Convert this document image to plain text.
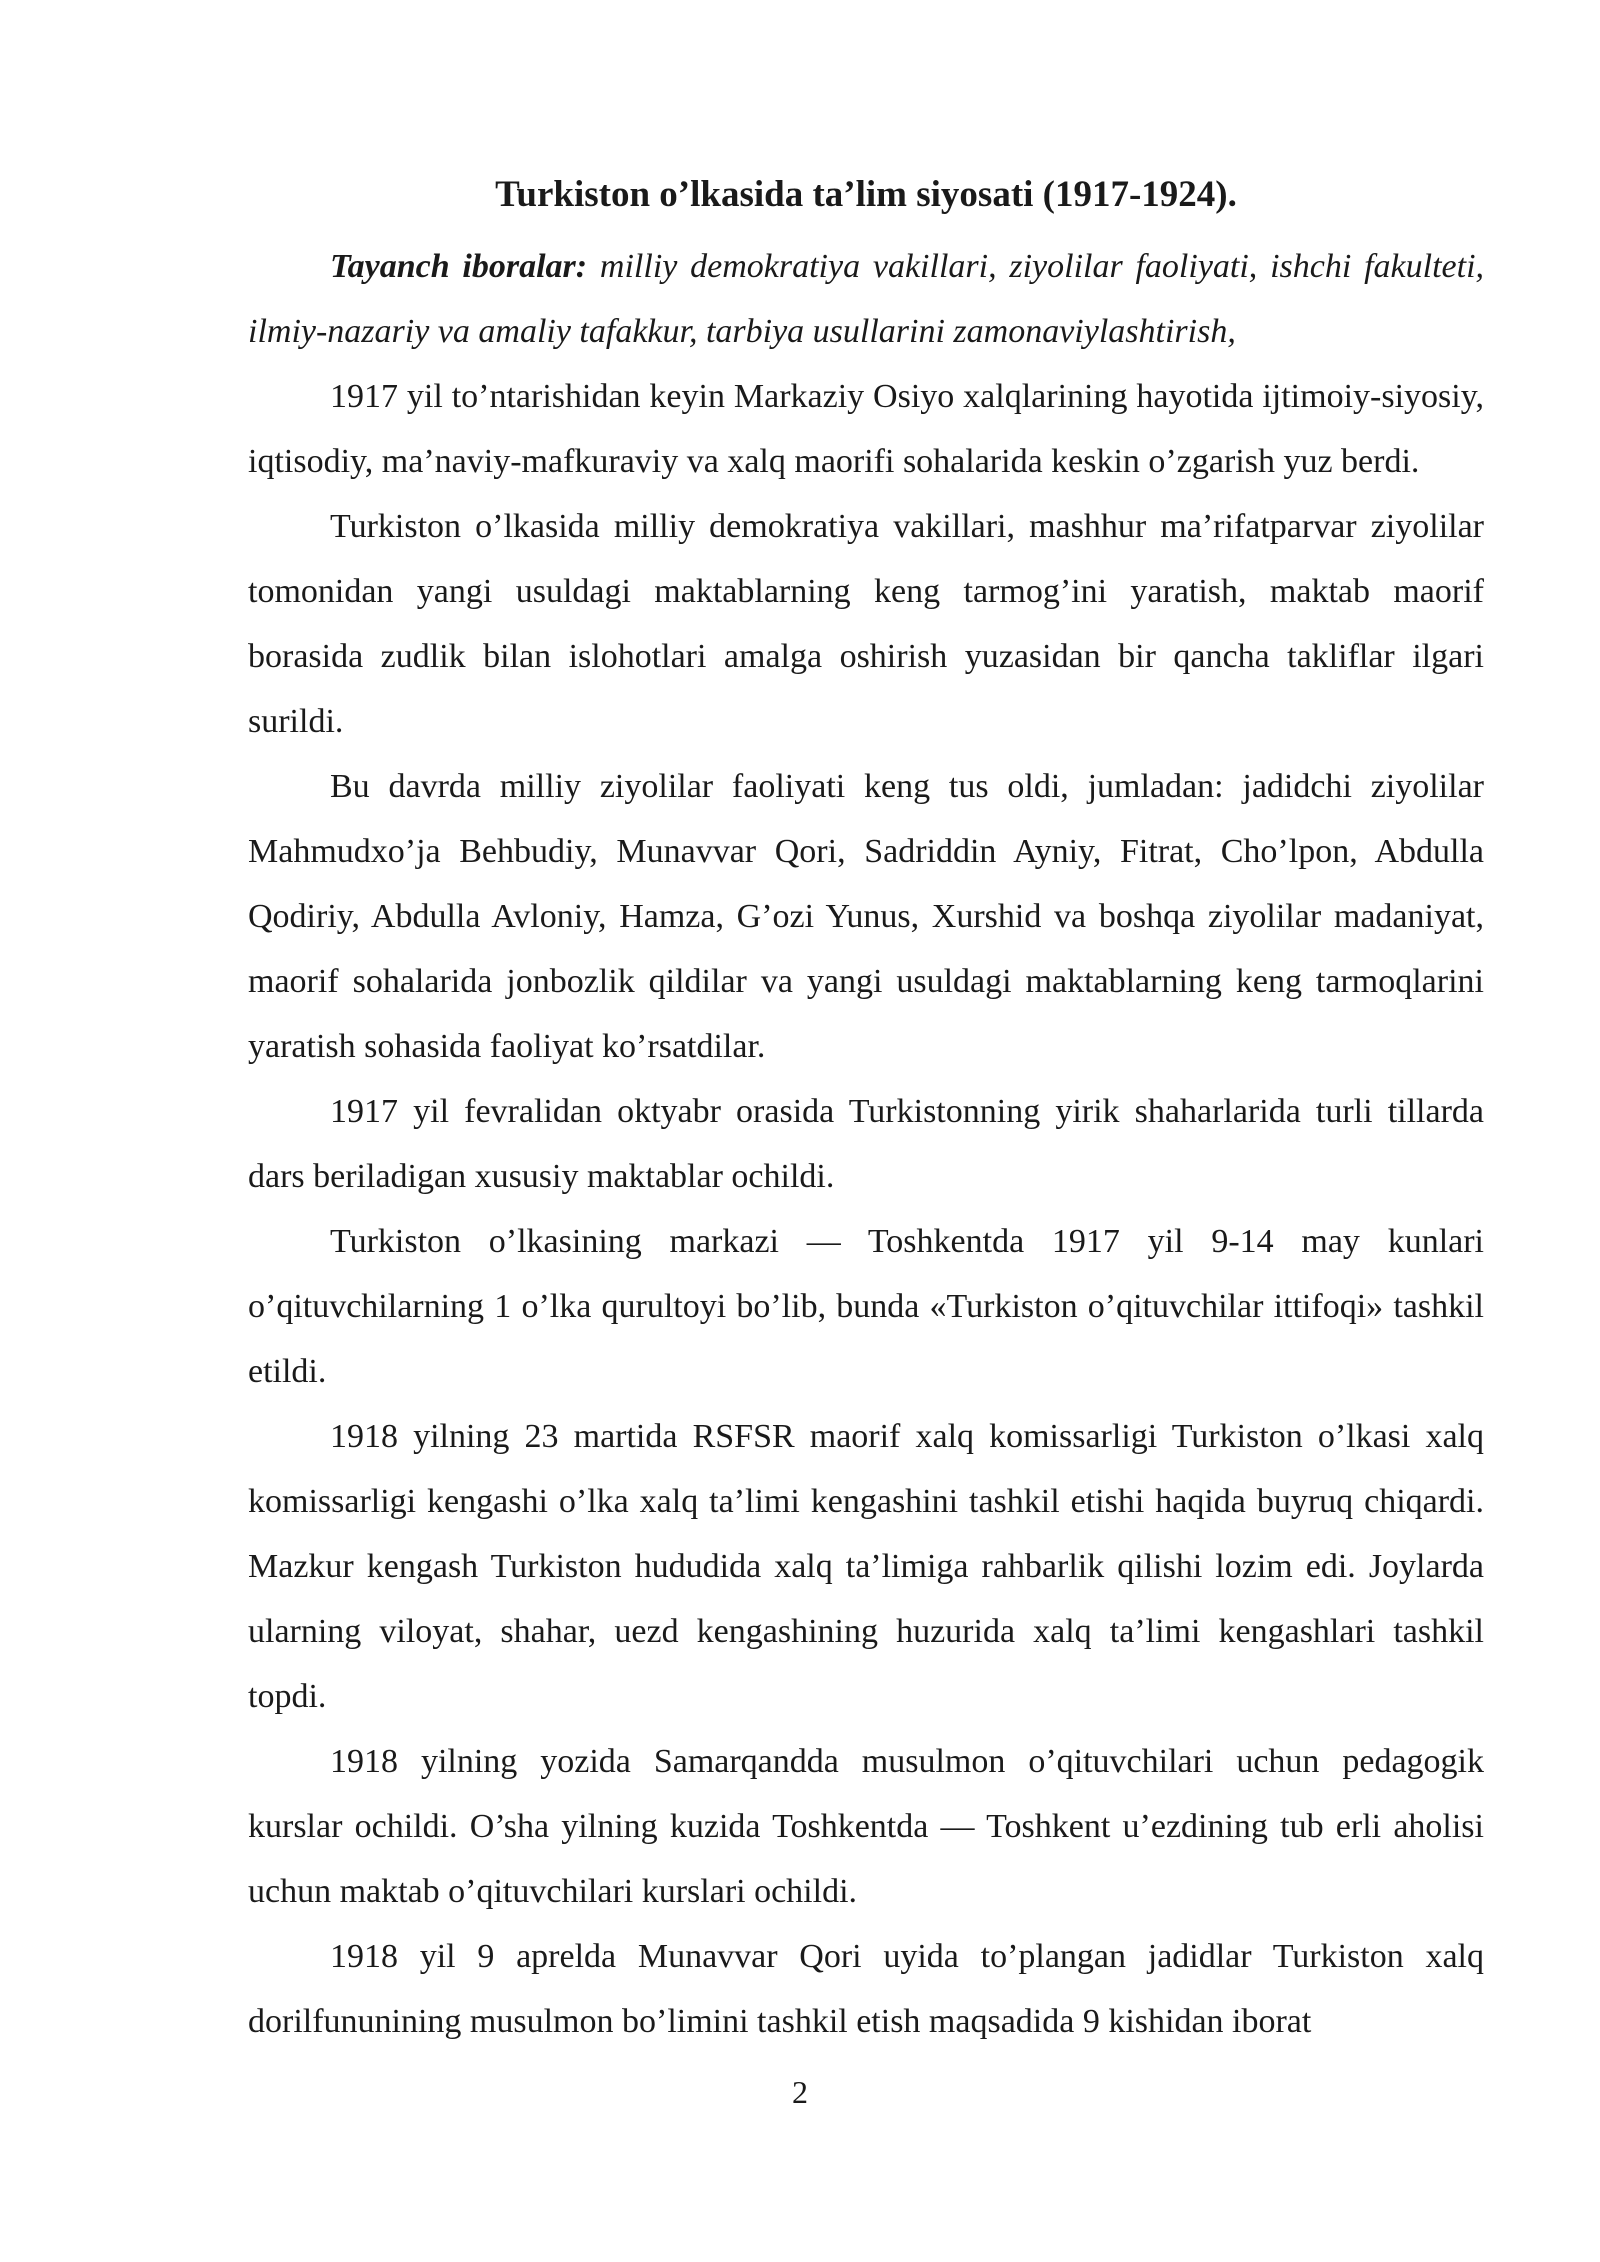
Turkiston o’lkasida ta’lim siyosati (1917-1924).

Tayanch iboralar: milliy demokratiya vakillari, ziyolilar faoliyati, ishchi fakulteti, ilmiy-nazariy va amaliy tafakkur, tarbiya usullarini zamonaviylashtirish,

1917 yil to’ntarishidan keyin Markaziy Osiyo xalqlarining hayotida ijtimoiy-siyosiy, iqtisodiy, ma’naviy-mafkuraviy va xalq maorifi sohalarida keskin o’zgarish yuz berdi.

Turkiston o’lkasida milliy demokratiya vakillari, mashhur ma’rifatparvar ziyolilar tomonidan yangi usuldagi maktablarning keng tarmog’ini yaratish, maktab maorif borasida zudlik bilan islohotlari amalga oshirish yuzasidan bir qancha takliflar ilgari surildi.

Bu davrda milliy ziyolilar faoliyati keng tus oldi, jumladan: jadidchi ziyolilar Mahmudxo’ja Behbudiy, Munavvar Qori, Sadriddin Ayniy, Fitrat, Cho’lpon, Abdulla Qodiriy, Abdulla Avloniy, Hamza, G’ozi Yunus, Xurshid va boshqa ziyolilar madaniyat, maorif sohalarida jonbozlik qildilar va yangi usuldagi maktablarning keng tarmoqlarini yaratish sohasida faoliyat ko’rsatdilar.

1917 yil fevralidan oktyabr orasida Turkistonning yirik shaharlarida turli tillarda dars beriladigan xususiy maktablar ochildi.

Turkiston o’lkasining markazi — Toshkentda 1917 yil 9-14 may kunlari o’qituvchilarning 1 o’lka qurultoyi bo’lib, bunda «Turkiston o’qituvchilar ittifoqi» tashkil etildi.

1918 yilning 23 martida RSFSR maorif xalq komissarligi Turkiston o’lkasi xalq komissarligi kengashi o’lka xalq ta’limi kengashini tashkil etishi haqida buyruq chiqardi. Mazkur kengash Turkiston hududida xalq ta’limiga rahbarlik qilishi lozim edi. Joylarda ularning viloyat, shahar, uezd kengashining huzurida xalq ta’limi kengashlari tashkil topdi.

1918 yilning yozida Samarqandda musulmon o’qituvchilari uchun pedagogik kurslar ochildi. O’sha yilning kuzida Toshkentda — Toshkent u’ezdining tub erli aholisi uchun maktab o’qituvchilari kurslari ochildi.

1918 yil 9 aprelda Munavvar Qori uyida to’plangan jadidlar Turkiston xalq dorilfununining musulmon bo’limini tashkil etish maqsadida 9 kishidan iborat

2
